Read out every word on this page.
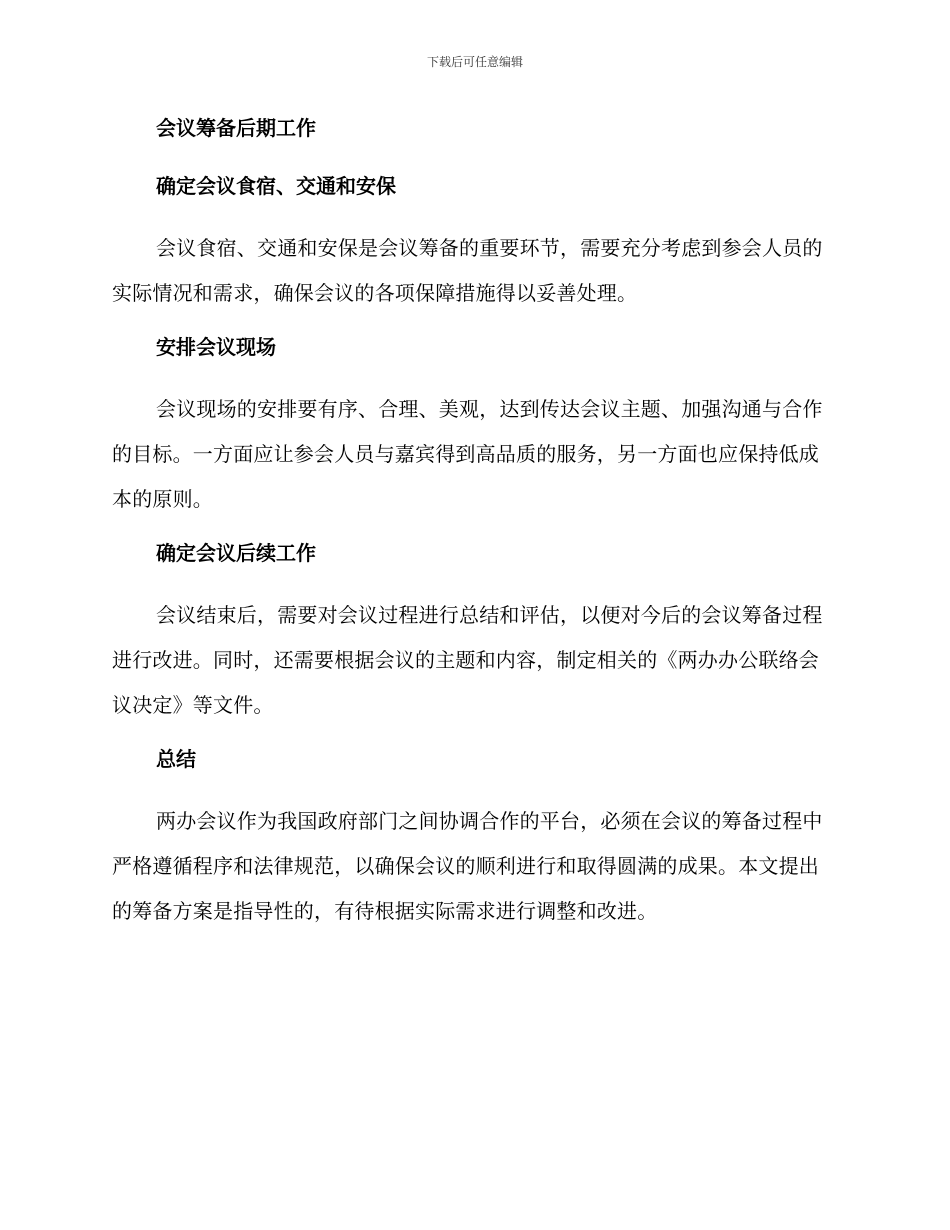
下载后可任意编辑
会议筹备后期工作
确定会议食宿、交通和安保

会议食宿、交通和安保是会议筹备的重要环节，需要充分考虑到参会人员的实际情况和需求，确保会议的各项保障措施得以妥善处理。

安排会议现场

会议现场的安排要有序、合理、美观，达到传达会议主题、加强沟通与合作的目标。一方面应让参会人员与嘉宾得到高品质的服务，另一方面也应保持低成本的原则。

确定会议后续工作

会议结束后，需要对会议过程进行总结和评估，以便对今后的会议筹备过程进行改进。同时，还需要根据会议的主题和内容，制定相关的《两办办公联络会议决定》等文件。

总结

两办会议作为我国政府部门之间协调合作的平台，必须在会议的筹备过程中严格遵循程序和法律规范，以确保会议的顺利进行和取得圆满的成果。本文提出的筹备方案是指导性的，有待根据实际需求进行调整和改进。
